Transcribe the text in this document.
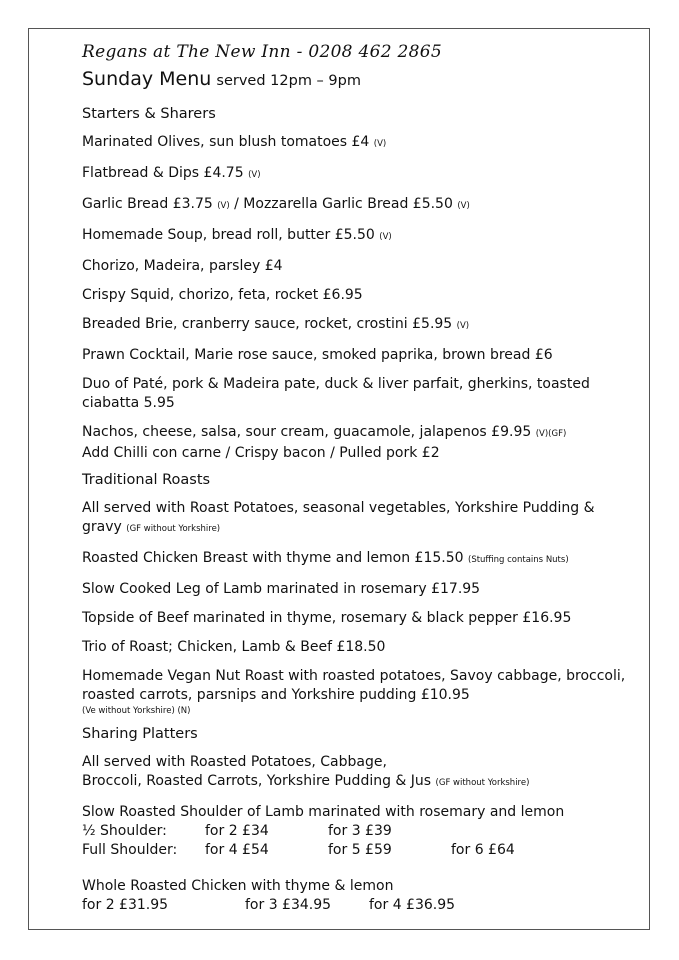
Regans at The New Inn - 0208 462 2865

Sunday Menu served 12pm – 9pm

Starters & Sharers

Marinated Olives, sun blush tomatoes £4 (V)

Flatbread & Dips £4.75 (V)

Garlic Bread £3.75 (V) / Mozzarella Garlic Bread £5.50 (V)

Homemade Soup, bread roll, butter £5.50 (V)

Chorizo, Madeira, parsley £4

Crispy Squid, chorizo, feta, rocket £6.95

Breaded Brie, cranberry sauce, rocket, crostini £5.95 (V)

Prawn Cocktail, Marie rose sauce, smoked paprika, brown bread £6

Duo of Paté, pork & Madeira pate, duck & liver parfait, gherkins, toasted ciabatta 5.95

Nachos, cheese, salsa, sour cream, guacamole, jalapenos £9.95 (V)(GF)

Add Chilli con carne / Crispy bacon / Pulled pork £2

Traditional Roasts

All served with Roast Potatoes, seasonal vegetables, Yorkshire Pudding & gravy (GF without Yorkshire)

Roasted Chicken Breast with thyme and lemon £15.50 (Stuffing contains Nuts)

Slow Cooked Leg of Lamb marinated in rosemary £17.95

Topside of Beef marinated in thyme, rosemary & black pepper £16.95

Trio of Roast; Chicken, Lamb & Beef £18.50

Homemade Vegan Nut Roast with roasted potatoes, Savoy cabbage, broccoli, roasted carrots, parsnips and Yorkshire pudding £10.95

(Ve without Yorkshire) (N)

Sharing Platters

All served with Roasted Potatoes, Cabbage,

Broccoli, Roasted Carrots, Yorkshire Pudding & Jus (GF without Yorkshire)

Slow Roasted Shoulder of Lamb marinated with rosemary and lemon

½ Shoulder:	for 2 £34	for 3 £39
Full Shoulder:	for 4 £54	for 5 £59	for 6 £64

Whole Roasted Chicken with thyme & lemon

for 2 £31.95	for 3 £34.95	for 4 £36.95
